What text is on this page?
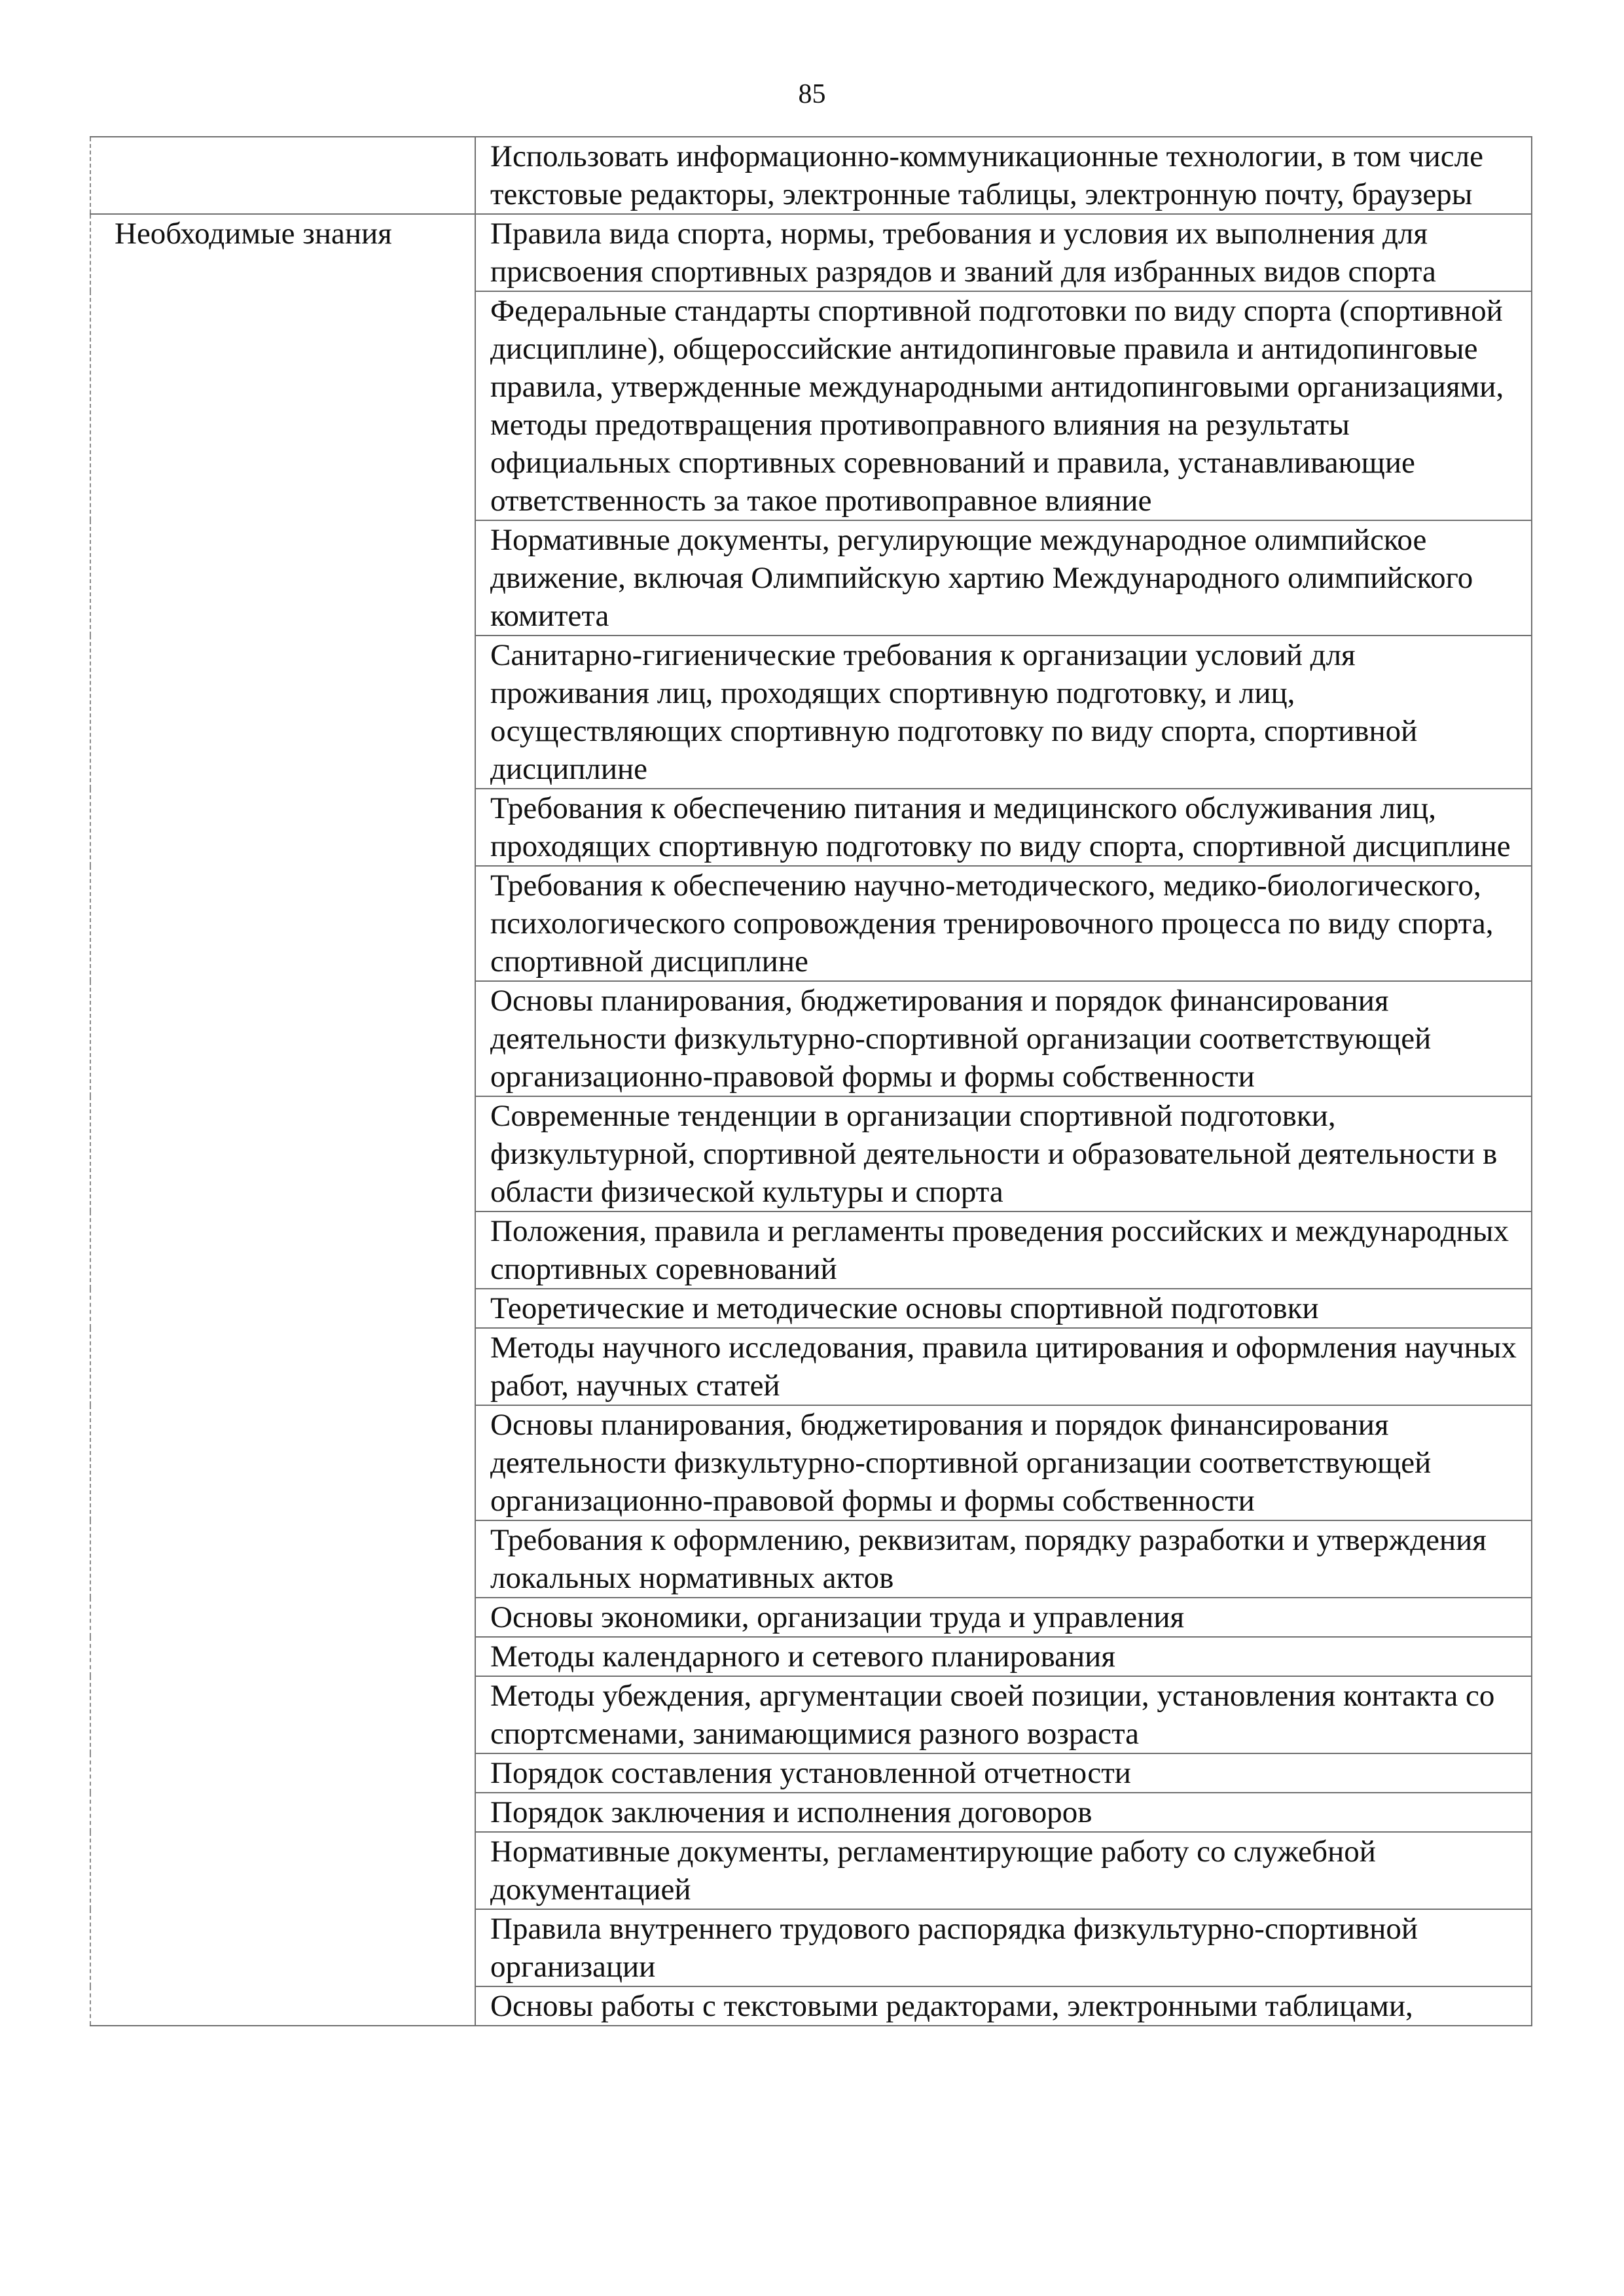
85

	Использовать информационно-коммуникационные технологии, в том числе текстовые редакторы, электронные таблицы, электронную почту, браузеры

Необходимые знания	Правила вида спорта, нормы, требования и условия их выполнения для присвоения спортивных разрядов и званий для избранных видов спорта

	Федеральные стандарты спортивной подготовки по виду спорта (спортивной дисциплине), общероссийские антидопинговые правила и антидопинговые правила, утвержденные международными антидопинговыми организациями, методы предотвращения противоправного влияния на результаты официальных спортивных соревнований и правила, устанавливающие ответственность за такое противоправное влияние

	Нормативные документы, регулирующие международное олимпийское движение, включая Олимпийскую хартию Международного олимпийского комитета

	Санитарно-гигиенические требования к организации условий для проживания лиц, проходящих спортивную подготовку, и лиц, осуществляющих спортивную подготовку по виду спорта, спортивной дисциплине

	Требования к обеспечению питания и медицинского обслуживания лиц, проходящих спортивную подготовку по виду спорта, спортивной дисциплине

	Требования к обеспечению научно-методического, медико-биологического, психологического сопровождения тренировочного процесса по виду спорта, спортивной дисциплине

	Основы планирования, бюджетирования и порядок финансирования деятельности физкультурно-спортивной организации соответствующей организационно-правовой формы и формы собственности

	Современные тенденции в организации спортивной подготовки, физкультурной, спортивной деятельности и образовательной деятельности в области физической культуры и спорта

	Положения, правила и регламенты проведения российских и международных спортивных соревнований

	Теоретические и методические основы спортивной подготовки

	Методы научного исследования, правила цитирования и оформления научных работ, научных статей

	Основы планирования, бюджетирования и порядок финансирования деятельности физкультурно-спортивной организации соответствующей организационно-правовой формы и формы собственности

	Требования к оформлению, реквизитам, порядку разработки и утверждения локальных нормативных актов

	Основы экономики, организации труда и управления

	Методы календарного и сетевого планирования

	Методы убеждения, аргументации своей позиции, установления контакта со спортсменами, занимающимися разного возраста

	Порядок составления установленной отчетности

	Порядок заключения и исполнения договоров

	Нормативные документы, регламентирующие работу со служебной документацией

	Правила внутреннего трудового распорядка физкультурно-спортивной организации

	Основы работы с текстовыми редакторами, электронными таблицами,
